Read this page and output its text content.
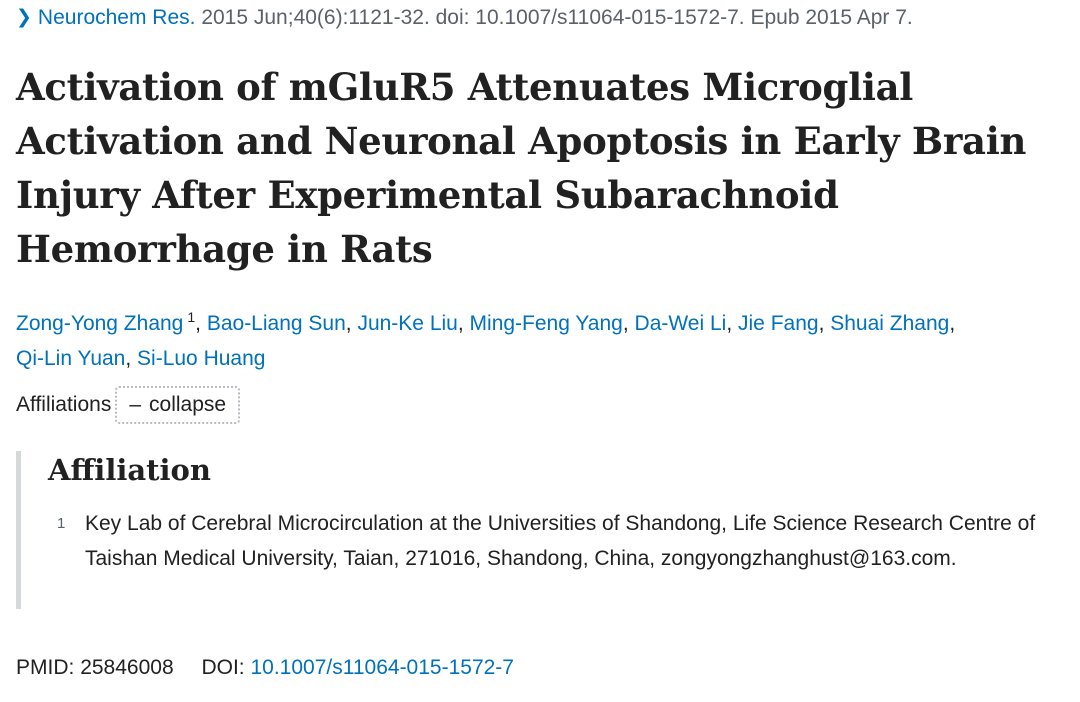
❯ Neurochem Res. 2015 Jun;40(6):1121-32. doi: 10.1007/s11064-015-1572-7. Epub 2015 Apr 7.
Activation of mGluR5 Attenuates Microglial Activation and Neuronal Apoptosis in Early Brain Injury After Experimental Subarachnoid Hemorrhage in Rats
Zong-Yong Zhang $^1$, Bao-Liang Sun, Jun-Ke Liu, Ming-Feng Yang, Da-Wei Li, Jie Fang, Shuai Zhang,
Qi-Lin Yuan, Si-Luo Huang
Affiliations – collapse
Affiliation
1 Key Lab of Cerebral Microcirculation at the Universities of Shandong, Life Science Research Centre of Taishan Medical University, Taian, 271016, Shandong, China, zongyongzhanghust@163.com.
PMID: 25846008 DOI: 10.1007/s11064-015-1572-7
